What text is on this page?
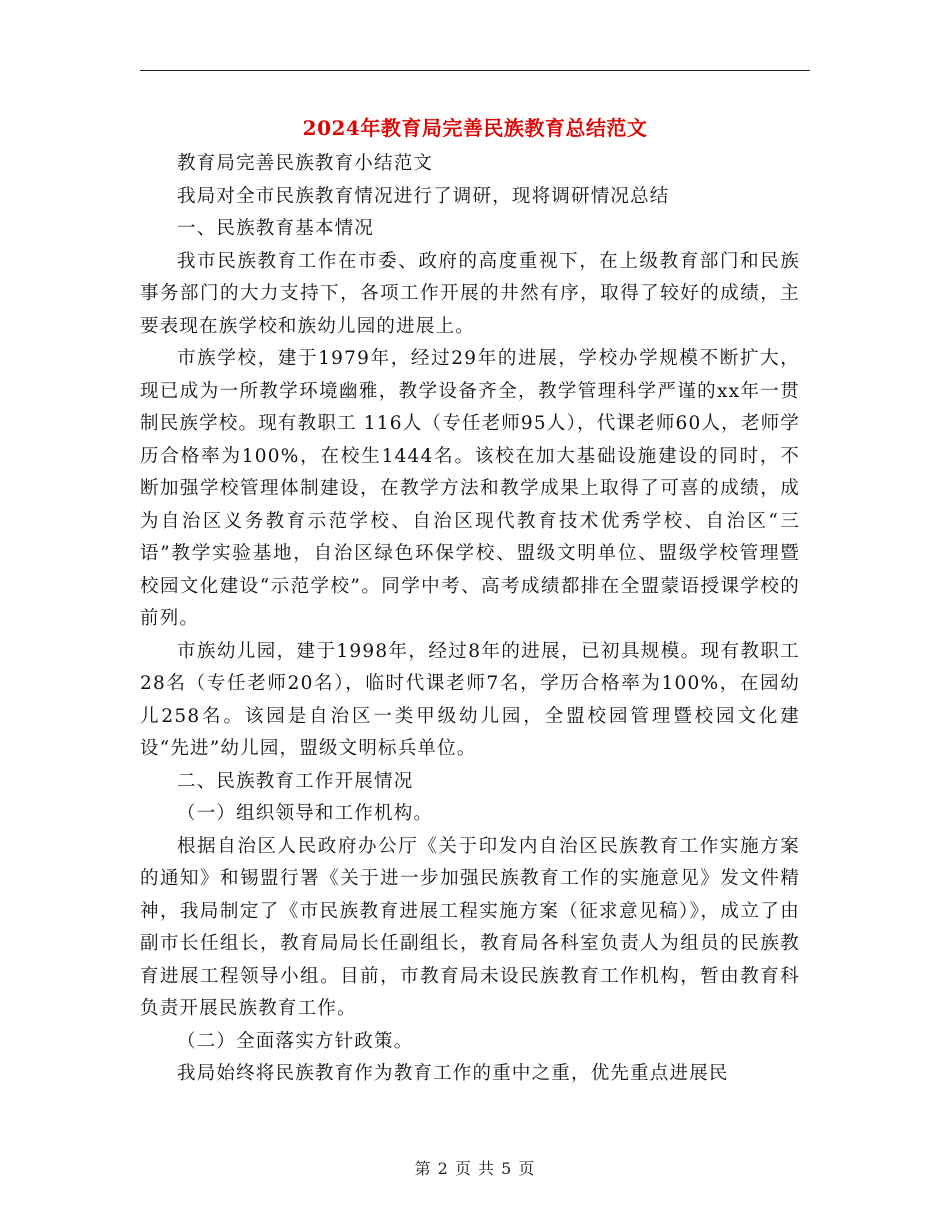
2024年教育局完善民族教育总结范文

教育局完善民族教育小结范文

我局对全市民族教育情况进行了调研，现将调研情况总结

一、民族教育基本情况

我市民族教育工作在市委、政府的高度重视下，在上级教育部门和民族事务部门的大力支持下，各项工作开展的井然有序，取得了较好的成绩，主要表现在族学校和族幼儿园的进展上。

市族学校，建于1979年，经过29年的进展，学校办学规模不断扩大，现已成为一所教学环境幽雅，教学设备齐全，教学管理科学严谨的xx年一贯制民族学校。现有教职工 116人（专任老师95人），代课老师60人，老师学历合格率为100%，在校生1444名。该校在加大基础设施建设的同时，不断加强学校管理体制建设，在教学方法和教学成果上取得了可喜的成绩，成为自治区义务教育示范学校、自治区现代教育技术优秀学校、自治区“三语”教学实验基地，自治区绿色环保学校、盟级文明单位、盟级学校管理暨校园文化建设“示范学校”。同学中考、高考成绩都排在全盟蒙语授课学校的前列。

市族幼儿园，建于1998年，经过8年的进展，已初具规模。现有教职工28名（专任老师20名），临时代课老师7名，学历合格率为100%，在园幼儿258名。该园是自治区一类甲级幼儿园，全盟校园管理暨校园文化建设“先进”幼儿园，盟级文明标兵单位。

二、民族教育工作开展情况

（一）组织领导和工作机构。

根据自治区人民政府办公厅《关于印发内自治区民族教育工作实施方案的通知》和锡盟行署《关于进一步加强民族教育工作的实施意见》发文件精神，我局制定了《市民族教育进展工程实施方案（征求意见稿）》，成立了由副市长任组长，教育局局长任副组长，教育局各科室负责人为组员的民族教育进展工程领导小组。目前，市教育局未设民族教育工作机构，暂由教育科负责开展民族教育工作。

（二）全面落实方针政策。

我局始终将民族教育作为教育工作的重中之重，优先重点进展民

第 2 页 共 5 页
